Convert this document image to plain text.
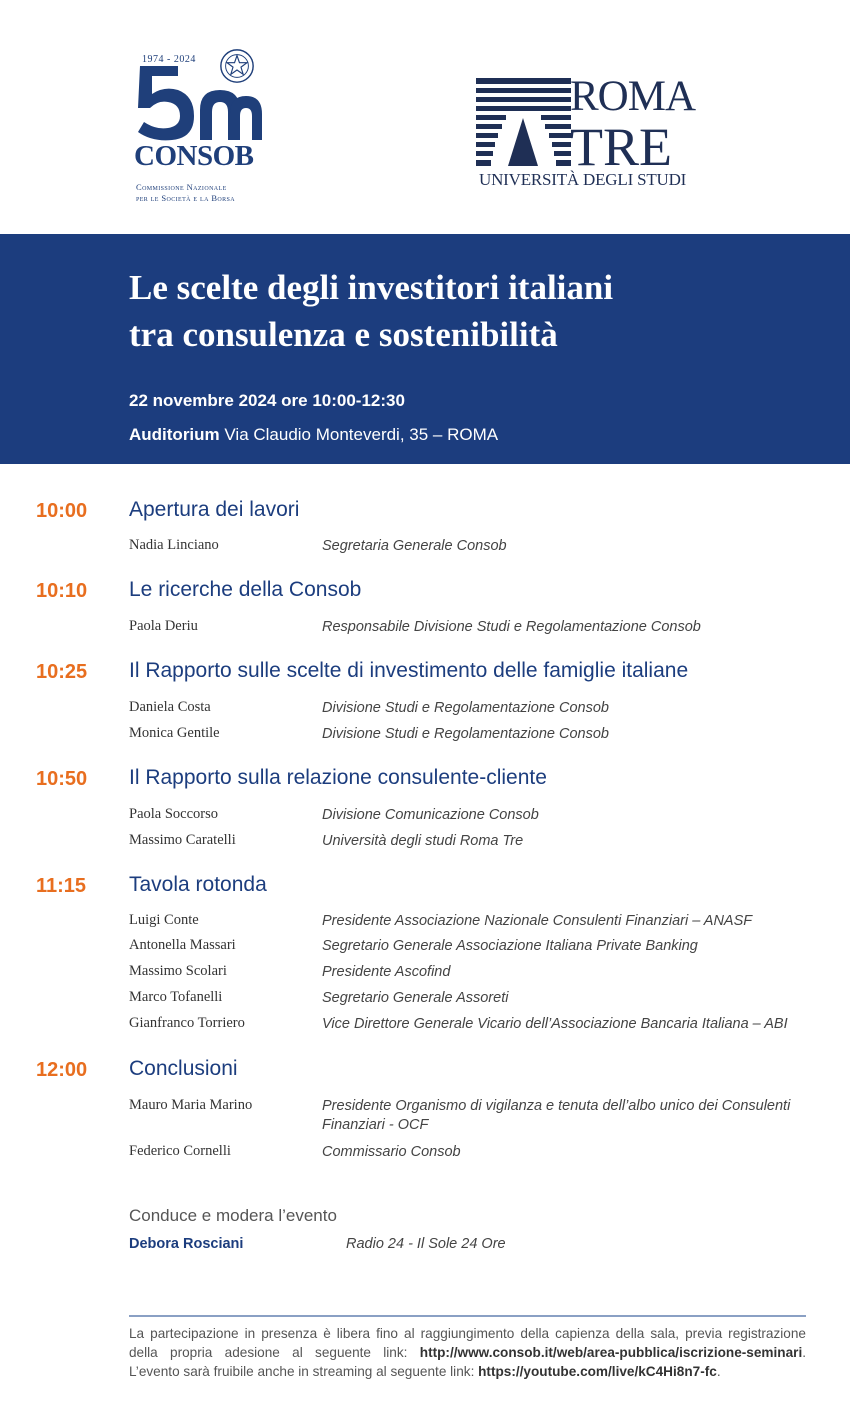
1974 - 2024
CONSOB
Commissione Nazionale
per le Società e la Borsa
ROMA
TRE
UNIVERSITÀ DEGLI STUDI
Le scelte degli investitori italiani
tra consulenza e sostenibilità
22 novembre 2024 ore 10:00-12:30
Auditorium Via Claudio Monteverdi, 35 – ROMA
10:00 Apertura dei lavori
Nadia Linciano	Segretaria Generale Consob
10:10 Le ricerche della Consob
Paola Deriu	Responsabile Divisione Studi e Regolamentazione Consob
10:25 Il Rapporto sulle scelte di investimento delle famiglie italiane
Daniela Costa	Divisione Studi e Regolamentazione Consob
Monica Gentile	Divisione Studi e Regolamentazione Consob
10:50 Il Rapporto sulla relazione consulente-cliente
Paola Soccorso	Divisione Comunicazione Consob
Massimo Caratelli	Università degli studi Roma Tre
11:15 Tavola rotonda
Luigi Conte	Presidente Associazione Nazionale Consulenti Finanziari – ANASF
Antonella Massari	Segretario Generale Associazione Italiana Private Banking
Massimo Scolari	Presidente Ascofind
Marco Tofanelli	Segretario Generale Assoreti
Gianfranco Torriero	Vice Direttore Generale Vicario dell’Associazione Bancaria Italiana – ABI
12:00 Conclusioni
Mauro Maria Marino	Presidente Organismo di vigilanza e tenuta dell’albo unico dei Consulenti Finanziari - OCF
Federico Cornelli	Commissario Consob
Conduce e modera l’evento
Debora Rosciani	Radio 24 - Il Sole 24 Ore
La partecipazione in presenza è libera fino al raggiungimento della capienza della sala, previa registrazione della propria adesione al seguente link: http://www.consob.it/web/area-pubblica/iscrizione-seminari. L’evento sarà fruibile anche in streaming al seguente link: https://youtube.com/live/kC4Hi8n7-fc.
